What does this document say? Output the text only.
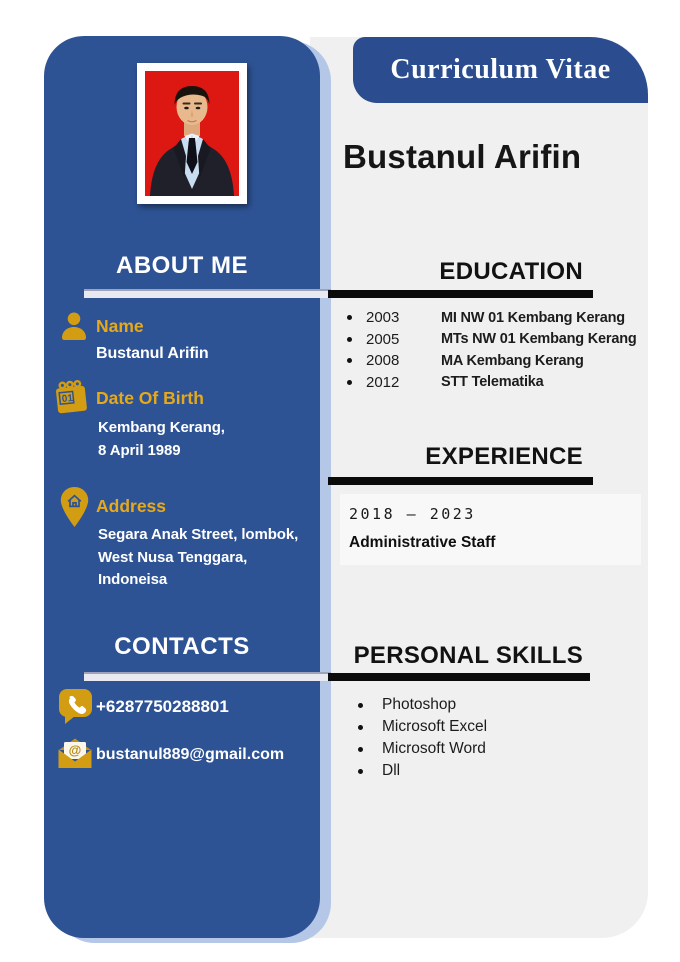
Curriculum Vitae
ABOUT ME
Name
Bustanul Arifin
01 Date Of Birth
Kembang Kerang,
8 April 1989
Address
Segara Anak Street, lombok,
West Nusa Tenggara,
Indoneisa
CONTACTS
+6287750288801
@ bustanul889@gmail.com
Bustanul Arifin
EDUCATION
2003	MI NW 01 Kembang Kerang
2005	MTs NW 01 Kembang Kerang
2008	MA Kembang Kerang
2012	STT Telematika
EXPERIENCE
2018 – 2023
Administrative Staff
PERSONAL SKILLS
Photoshop
Microsoft Excel
Microsoft Word
Dll
